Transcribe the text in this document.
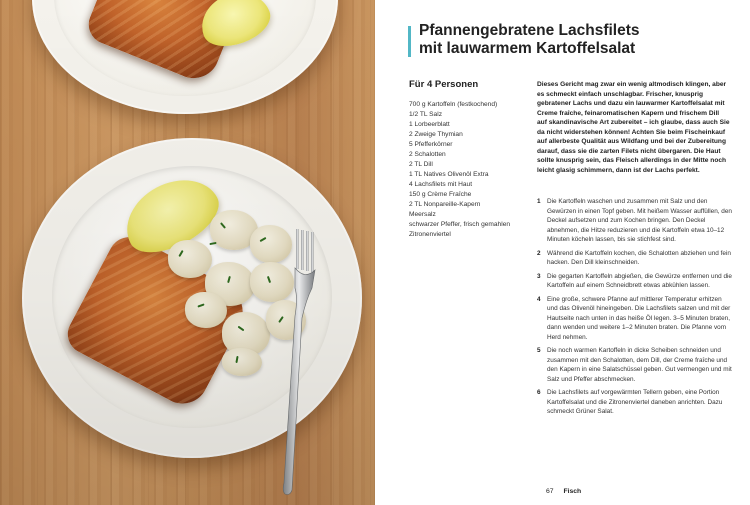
Pfannengebratene Lachsfilets
mit lauwarmem Kartoffelsalat
Für 4 Personen
700 g Kartoffeln (festkochend)
1/2 TL Salz
1 Lorbeerblatt
2 Zweige Thymian
5 Pfefferkörner
2 Schalotten
2 TL Dill
1 TL Natives Olivenöl Extra
4 Lachsfilets mit Haut
150 g Crème Fraîche
2 TL Nonpareille-Kapern
Meersalz
schwarzer Pfeffer, frisch gemahlen
Zitronenviertel

Dieses Gericht mag zwar ein wenig altmodisch klingen, aber es schmeckt einfach unschlagbar. Frischer, knusprig gebratener Lachs und dazu ein lauwarmer Kartoffelsalat mit Creme fraîche, feinaromatischen Kapern und frischem Dill auf skandinavische Art zubereitet – ich glaube, dass auch Sie da nicht widerstehen können! Achten Sie beim Fischeinkauf auf allerbeste Qualität aus Wildfang und bei der Zubereitung darauf, dass sie die zarten Filets nicht übergaren. Die Haut sollte knusprig sein, das Fleisch allerdings in der Mitte noch leicht glasig schimmern, dann ist der Lachs perfekt.

1 Die Kartoffeln waschen und zusammen mit Salz und den Gewürzen in einen Topf geben. Mit heißem Wasser auffüllen, den Deckel aufsetzen und zum Kochen bringen. Den Deckel abnehmen, die Hitze reduzieren und die Kartoffeln etwa 10–12 Minuten köcheln lassen, bis sie stichfest sind.
2 Während die Kartoffeln kochen, die Schalotten abziehen und fein hacken. Den Dill kleinschneiden.
3 Die gegarten Kartoffeln abgießen, die Gewürze entfernen und die Kartoffeln auf einem Schneidbrett etwas abkühlen lassen.
4 Eine große, schwere Pfanne auf mittlerer Temperatur erhitzen und das Olivenöl hineingeben. Die Lachsfilets salzen und mit der Hautseite nach unten in das heiße Öl legen. 3–5 Minuten braten, dann wenden und weitere 1–2 Minuten braten. Die Pfanne vom Herd nehmen.
5 Die noch warmen Kartoffeln in dicke Scheiben schneiden und zusammen mit den Schalotten, dem Dill, der Creme fraîche und den Kapern in eine Salatschüssel geben. Gut vermengen und mit Salz und Pfeffer abschmecken.
6 Die Lachsfilets auf vorgewärmten Tellern geben, eine Portion Kartoffelsalat und die Zitronenviertel daneben anrichten. Dazu schmeckt Grüner Salat.
67 Fisch
